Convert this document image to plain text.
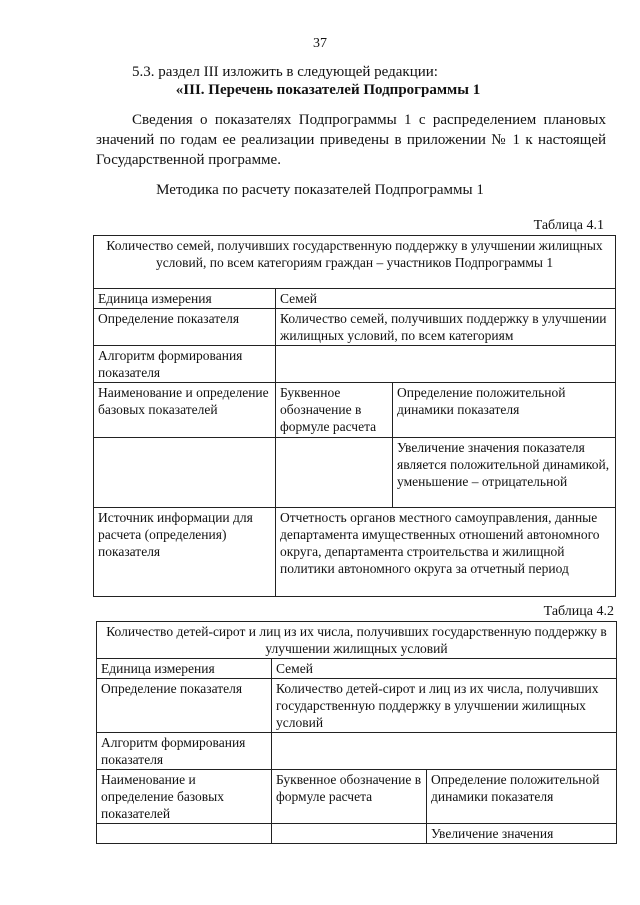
37
5.3. раздел III изложить в следующей редакции:
«III. Перечень показателей Подпрограммы 1
Сведения о показателях Подпрограммы 1 с распределением плановых значений по годам ее реализации приведены в приложении № 1 к настоящей Государственной программе.
Методика по расчету показателей Подпрограммы 1
Таблица 4.1
Количество семей, получивших государственную поддержку в улучшении жилищных условий, по всем категориям граждан – участников Подпрограммы 1		
Единица измерения	Семей	
Определение показателя	Количество семей, получивших поддержку в улучшении жилищных условий, по всем категориям	
Алгоритм формирования показателя		
Наименование и определение базовых показателей	Буквенное обозначение в формуле расчета	Определение положительной динамики показателя
		Увеличение значения показателя является положительной динамикой, уменьшение – отрицательной
Источник информации для расчета (определения) показателя	Отчетность органов местного самоуправления, данные департамента имущественных отношений автономного округа, департамента строительства и жилищной политики автономного округа за отчетный период	
Таблица 4.2
Количество детей-сирот и лиц из их числа, получивших государственную поддержку в улучшении жилищных условий		
Единица измерения	Семей	
Определение показателя	Количество детей-сирот и лиц из их числа, получивших государственную поддержку в улучшении жилищных условий	
Алгоритм формирования показателя		
Наименование и определение базовых показателей	Буквенное обозначение в формуле расчета	Определение положительной динамики показателя
		Увеличение значения
